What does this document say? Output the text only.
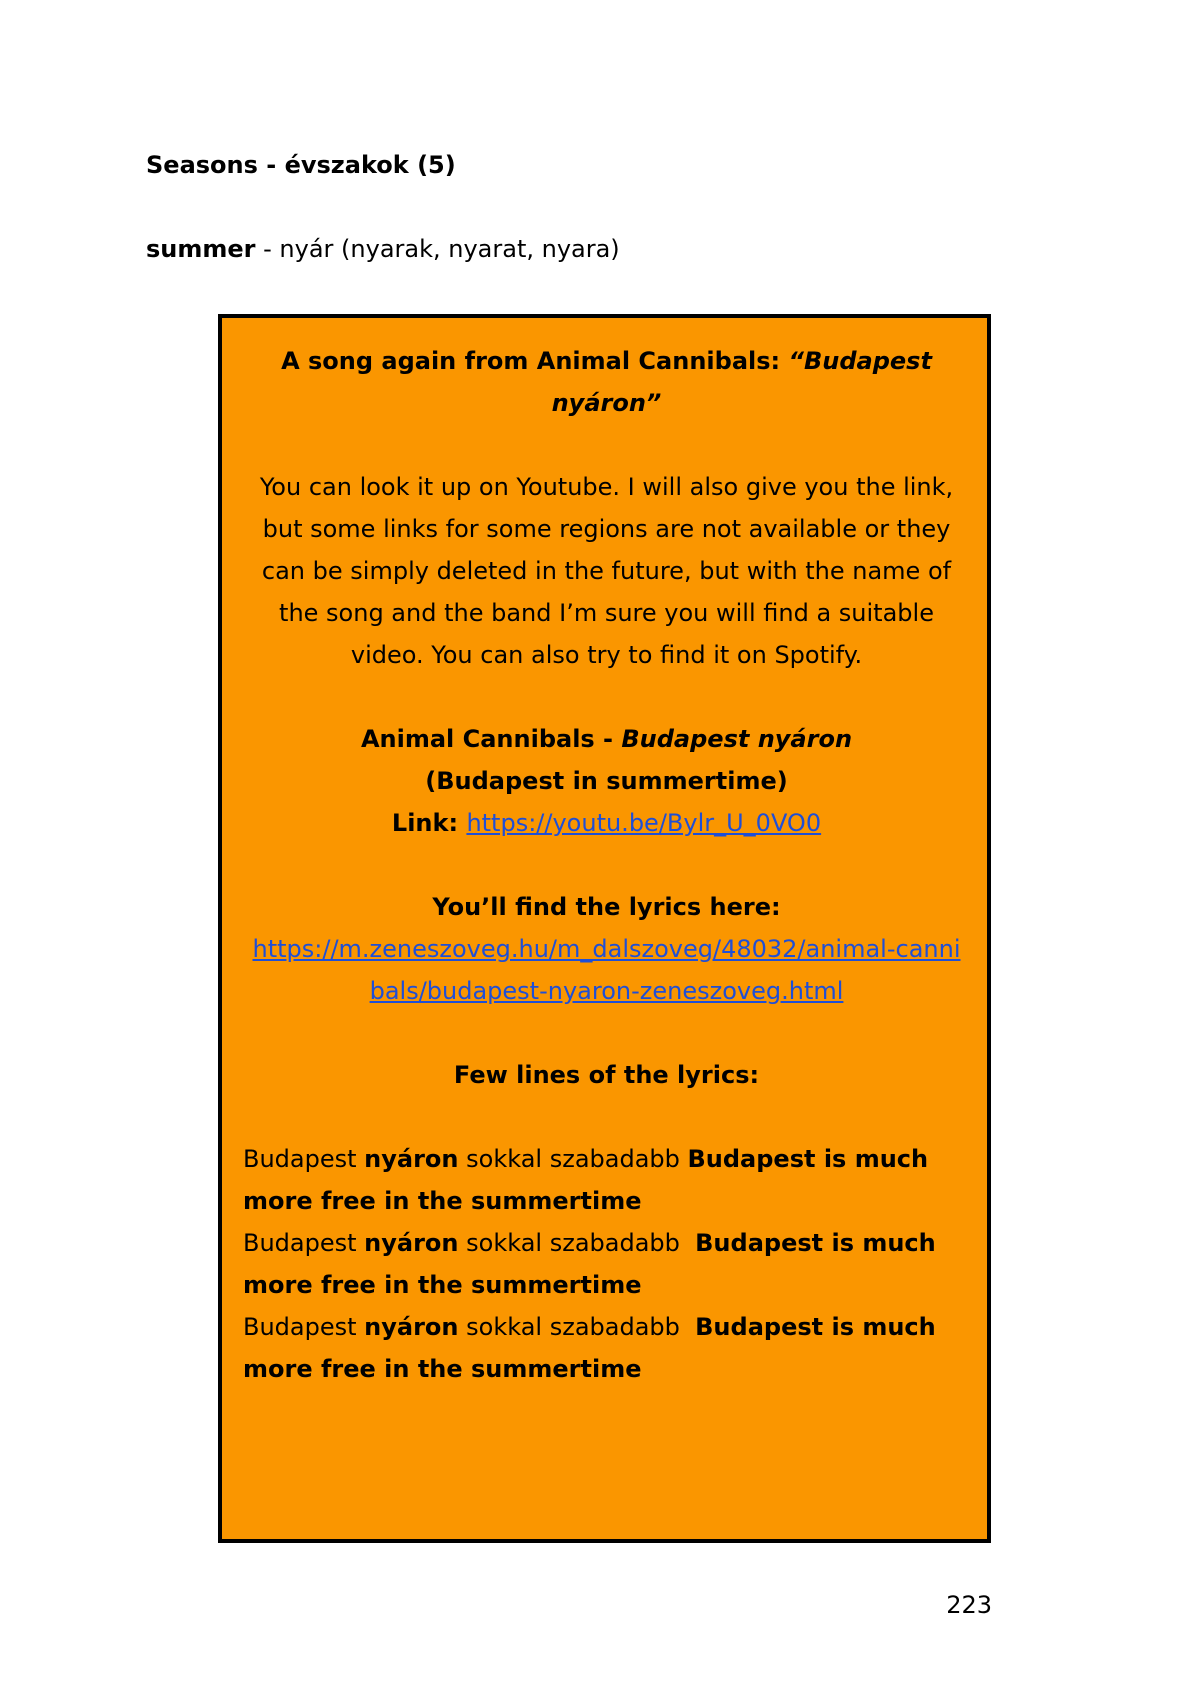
Seasons - évszakok (5)
summer - nyár (nyarak, nyarat, nyara)
A song again from Animal Cannibals: “Budapest nyáron”
You can look it up on Youtube. I will also give you the link,
but some links for some regions are not available or they
can be simply deleted in the future, but with the name of
the song and the band I’m sure you will find a suitable
video. You can also try to find it on Spotify.
Animal Cannibals - Budapest nyáron
(Budapest in summertime)
Link: https://youtu.be/Bylr_U_0VO0
You’ll find the lyrics here:
https://m.zeneszoveg.hu/m_dalszoveg/48032/animal-canni
bals/budapest-nyaron-zeneszoveg.html
Few lines of the lyrics:
Budapest nyáron sokkal szabadabb Budapest is much
more free in the summertime
Budapest nyáron sokkal szabadabb  Budapest is much
more free in the summertime
Budapest nyáron sokkal szabadabb  Budapest is much
more free in the summertime
223
